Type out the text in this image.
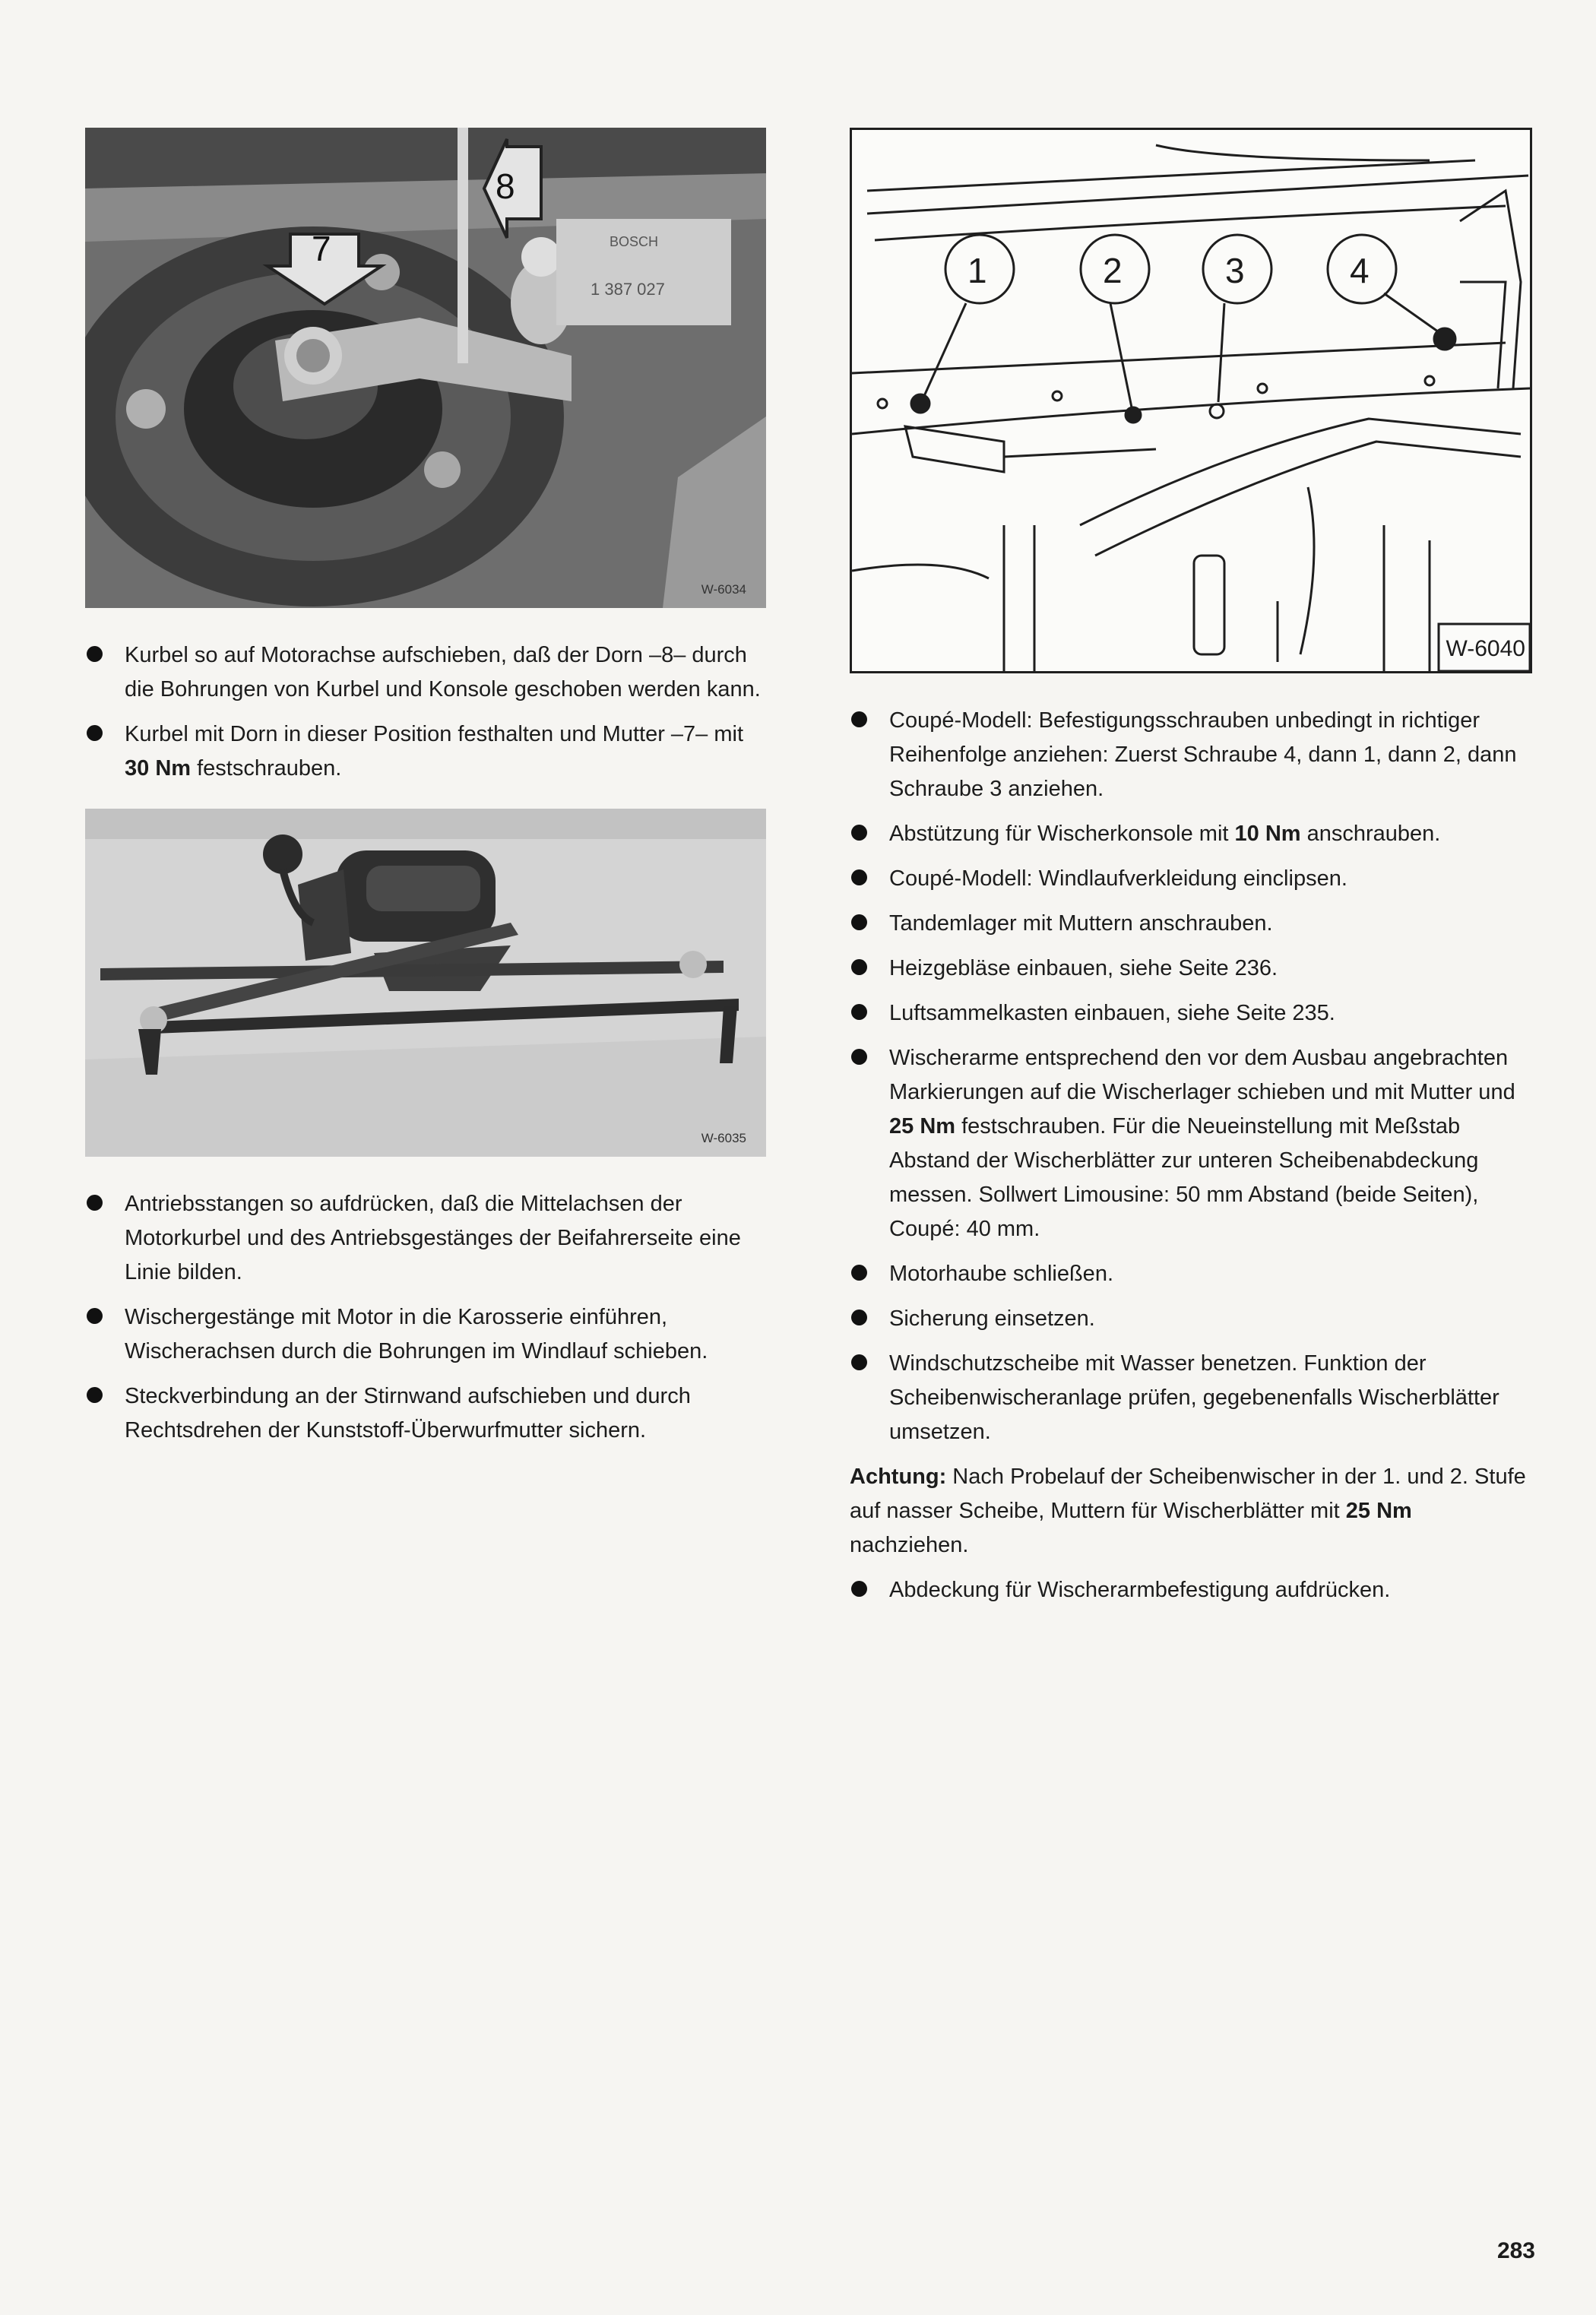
7
8
BOSCH
1 387 027
W-6034
Kurbel so auf Motorachse aufschieben, daß der Dorn –8– durch die Bohrungen von Kurbel und Konsole geschoben werden kann.
Kurbel mit Dorn in dieser Position festhalten und Mutter –7– mit 30 Nm festschrauben.
W-6035
Antriebsstangen so aufdrücken, daß die Mittelachsen der Motorkurbel und des Antriebsgestänges der Beifahrerseite eine Linie bilden.
Wischergestänge mit Motor in die Karosserie einführen, Wischerachsen durch die Bohrungen im Windlauf schieben.
Steckverbindung an der Stirnwand aufschieben und durch Rechtsdrehen der Kunststoff-Überwurfmutter sichern.
1	2	3	4
W-6040
Coupé-Modell: Befestigungsschrauben unbedingt in richtiger Reihenfolge anziehen: Zuerst Schraube 4, dann 1, dann 2, dann Schraube 3 anziehen.
Abstützung für Wischerkonsole mit 10 Nm anschrauben.
Coupé-Modell: Windlaufverkleidung einclipsen.
Tandemlager mit Muttern anschrauben.
Heizgebläse einbauen, siehe Seite 236.
Luftsammelkasten einbauen, siehe Seite 235.
Wischerarme entsprechend den vor dem Ausbau angebrachten Markierungen auf die Wischerlager schieben und mit Mutter und 25 Nm festschrauben. Für die Neueinstellung mit Meßstab Abstand der Wischerblätter zur unteren Scheibenabdeckung messen. Sollwert Limousine: 50 mm Abstand (beide Seiten), Coupé: 40 mm.
Motorhaube schließen.
Sicherung einsetzen.
Windschutzscheibe mit Wasser benetzen. Funktion der Scheibenwischeranlage prüfen, gegebenenfalls Wischerblätter umsetzen.

Achtung: Nach Probelauf der Scheibenwischer in der 1. und 2. Stufe auf nasser Scheibe, Muttern für Wischerblätter mit 25 Nm nachziehen.

Abdeckung für Wischerarmbefestigung aufdrücken.
283
